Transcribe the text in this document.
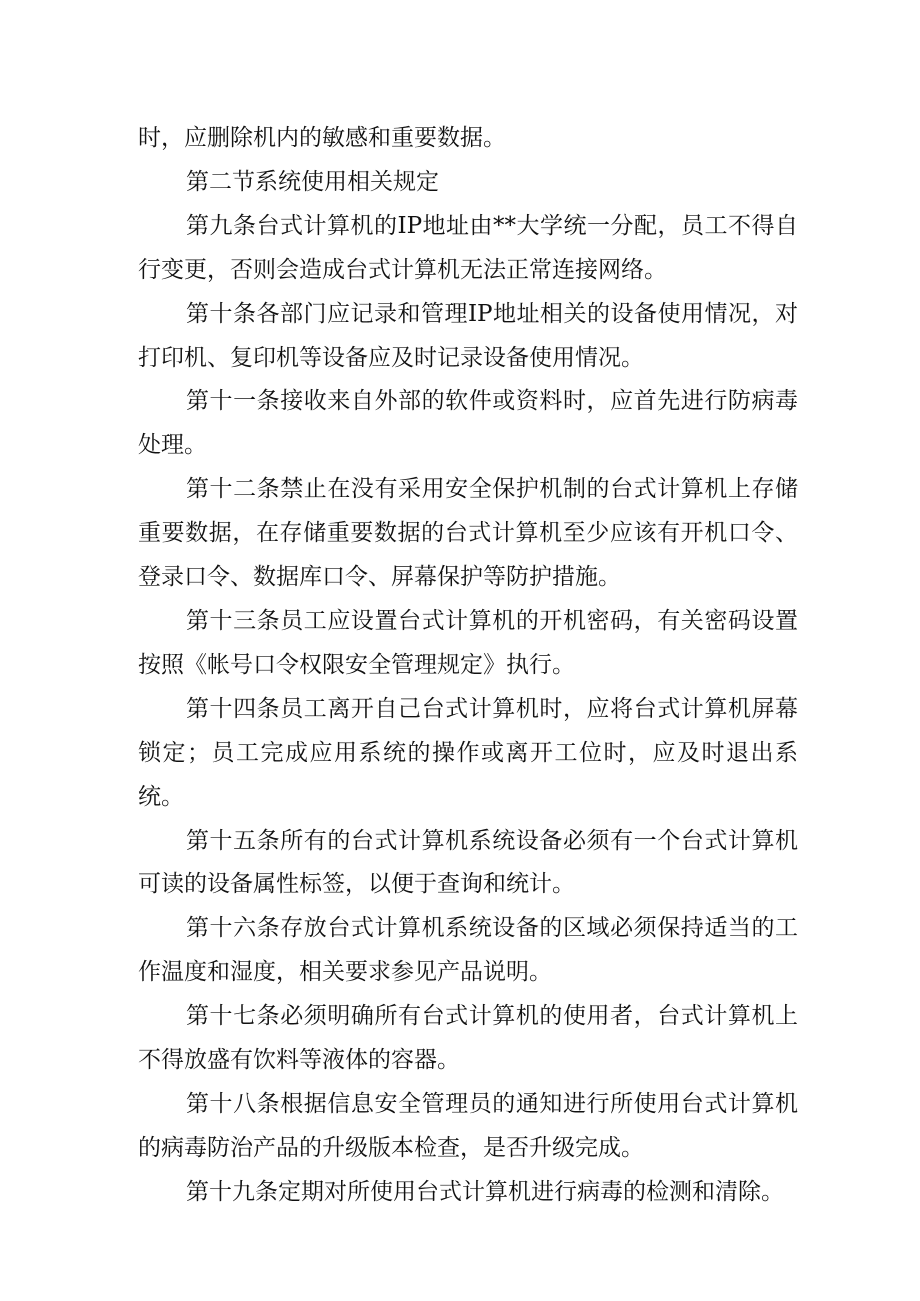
时，应删除机内的敏感和重要数据。

第二节系统使用相关规定

第九条台式计算机的IP地址由**大学统一分配，员工不得自行变更，否则会造成台式计算机无法正常连接网络。

第十条各部门应记录和管理IP地址相关的设备使用情况，对打印机、复印机等设备应及时记录设备使用情况。

第十一条接收来自外部的软件或资料时，应首先进行防病毒处理。

第十二条禁止在没有采用安全保护机制的台式计算机上存储重要数据，在存储重要数据的台式计算机至少应该有开机口令、登录口令、数据库口令、屏幕保护等防护措施。

第十三条员工应设置台式计算机的开机密码，有关密码设置按照《帐号口令权限安全管理规定》执行。

第十四条员工离开自己台式计算机时，应将台式计算机屏幕锁定；员工完成应用系统的操作或离开工位时，应及时退出系统。

第十五条所有的台式计算机系统设备必须有一个台式计算机可读的设备属性标签，以便于查询和统计。

第十六条存放台式计算机系统设备的区域必须保持适当的工作温度和湿度，相关要求参见产品说明。

第十七条必须明确所有台式计算机的使用者，台式计算机上不得放盛有饮料等液体的容器。

第十八条根据信息安全管理员的通知进行所使用台式计算机的病毒防治产品的升级版本检查，是否升级完成。

第十九条定期对所使用台式计算机进行病毒的检测和清除。
